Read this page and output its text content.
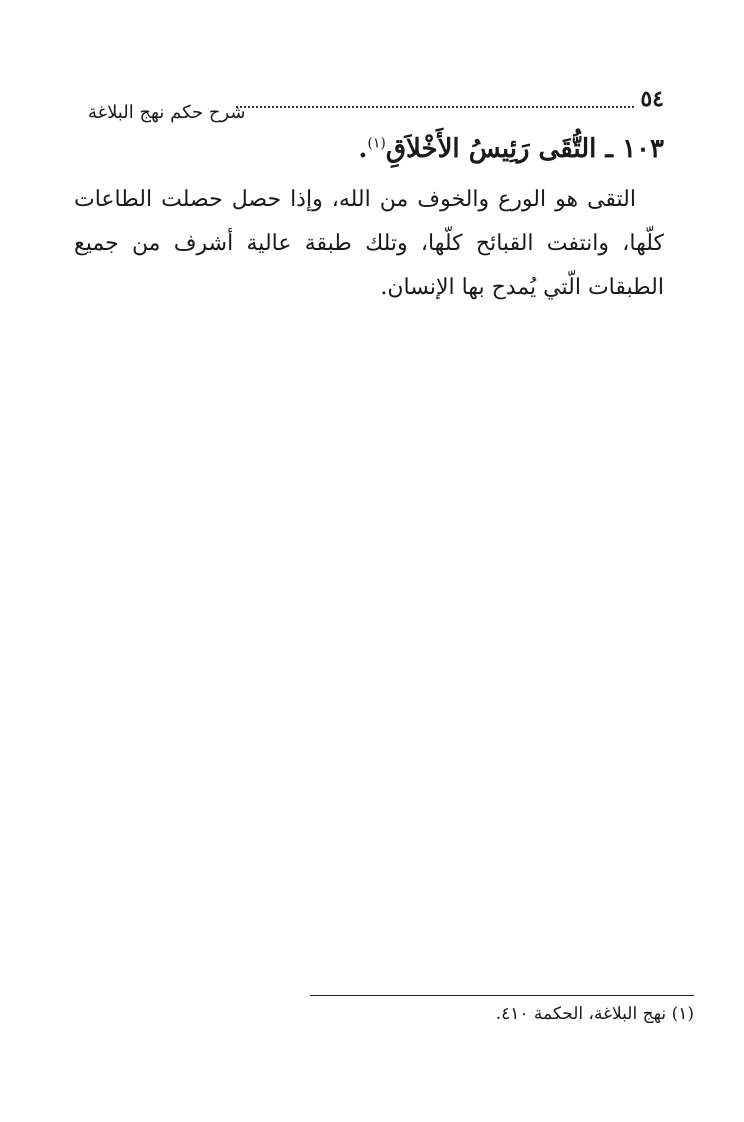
٥٤
شرح حكم نهج البلاغة
١٠٣ ـ التُّقَى رَئِيسُ الأَخْلاَقِ$^{(١)}$.

التقى هو الورع والخوف من الله، وإذا حصل حصلت الطاعات كلّها، وانتفت القبائح كلّها، وتلك طبقة عالية أشرف من جميع الطبقات الّتي يُمدح بها الإنسان.

(١) نهج البلاغة، الحكمة ٤١٠.
